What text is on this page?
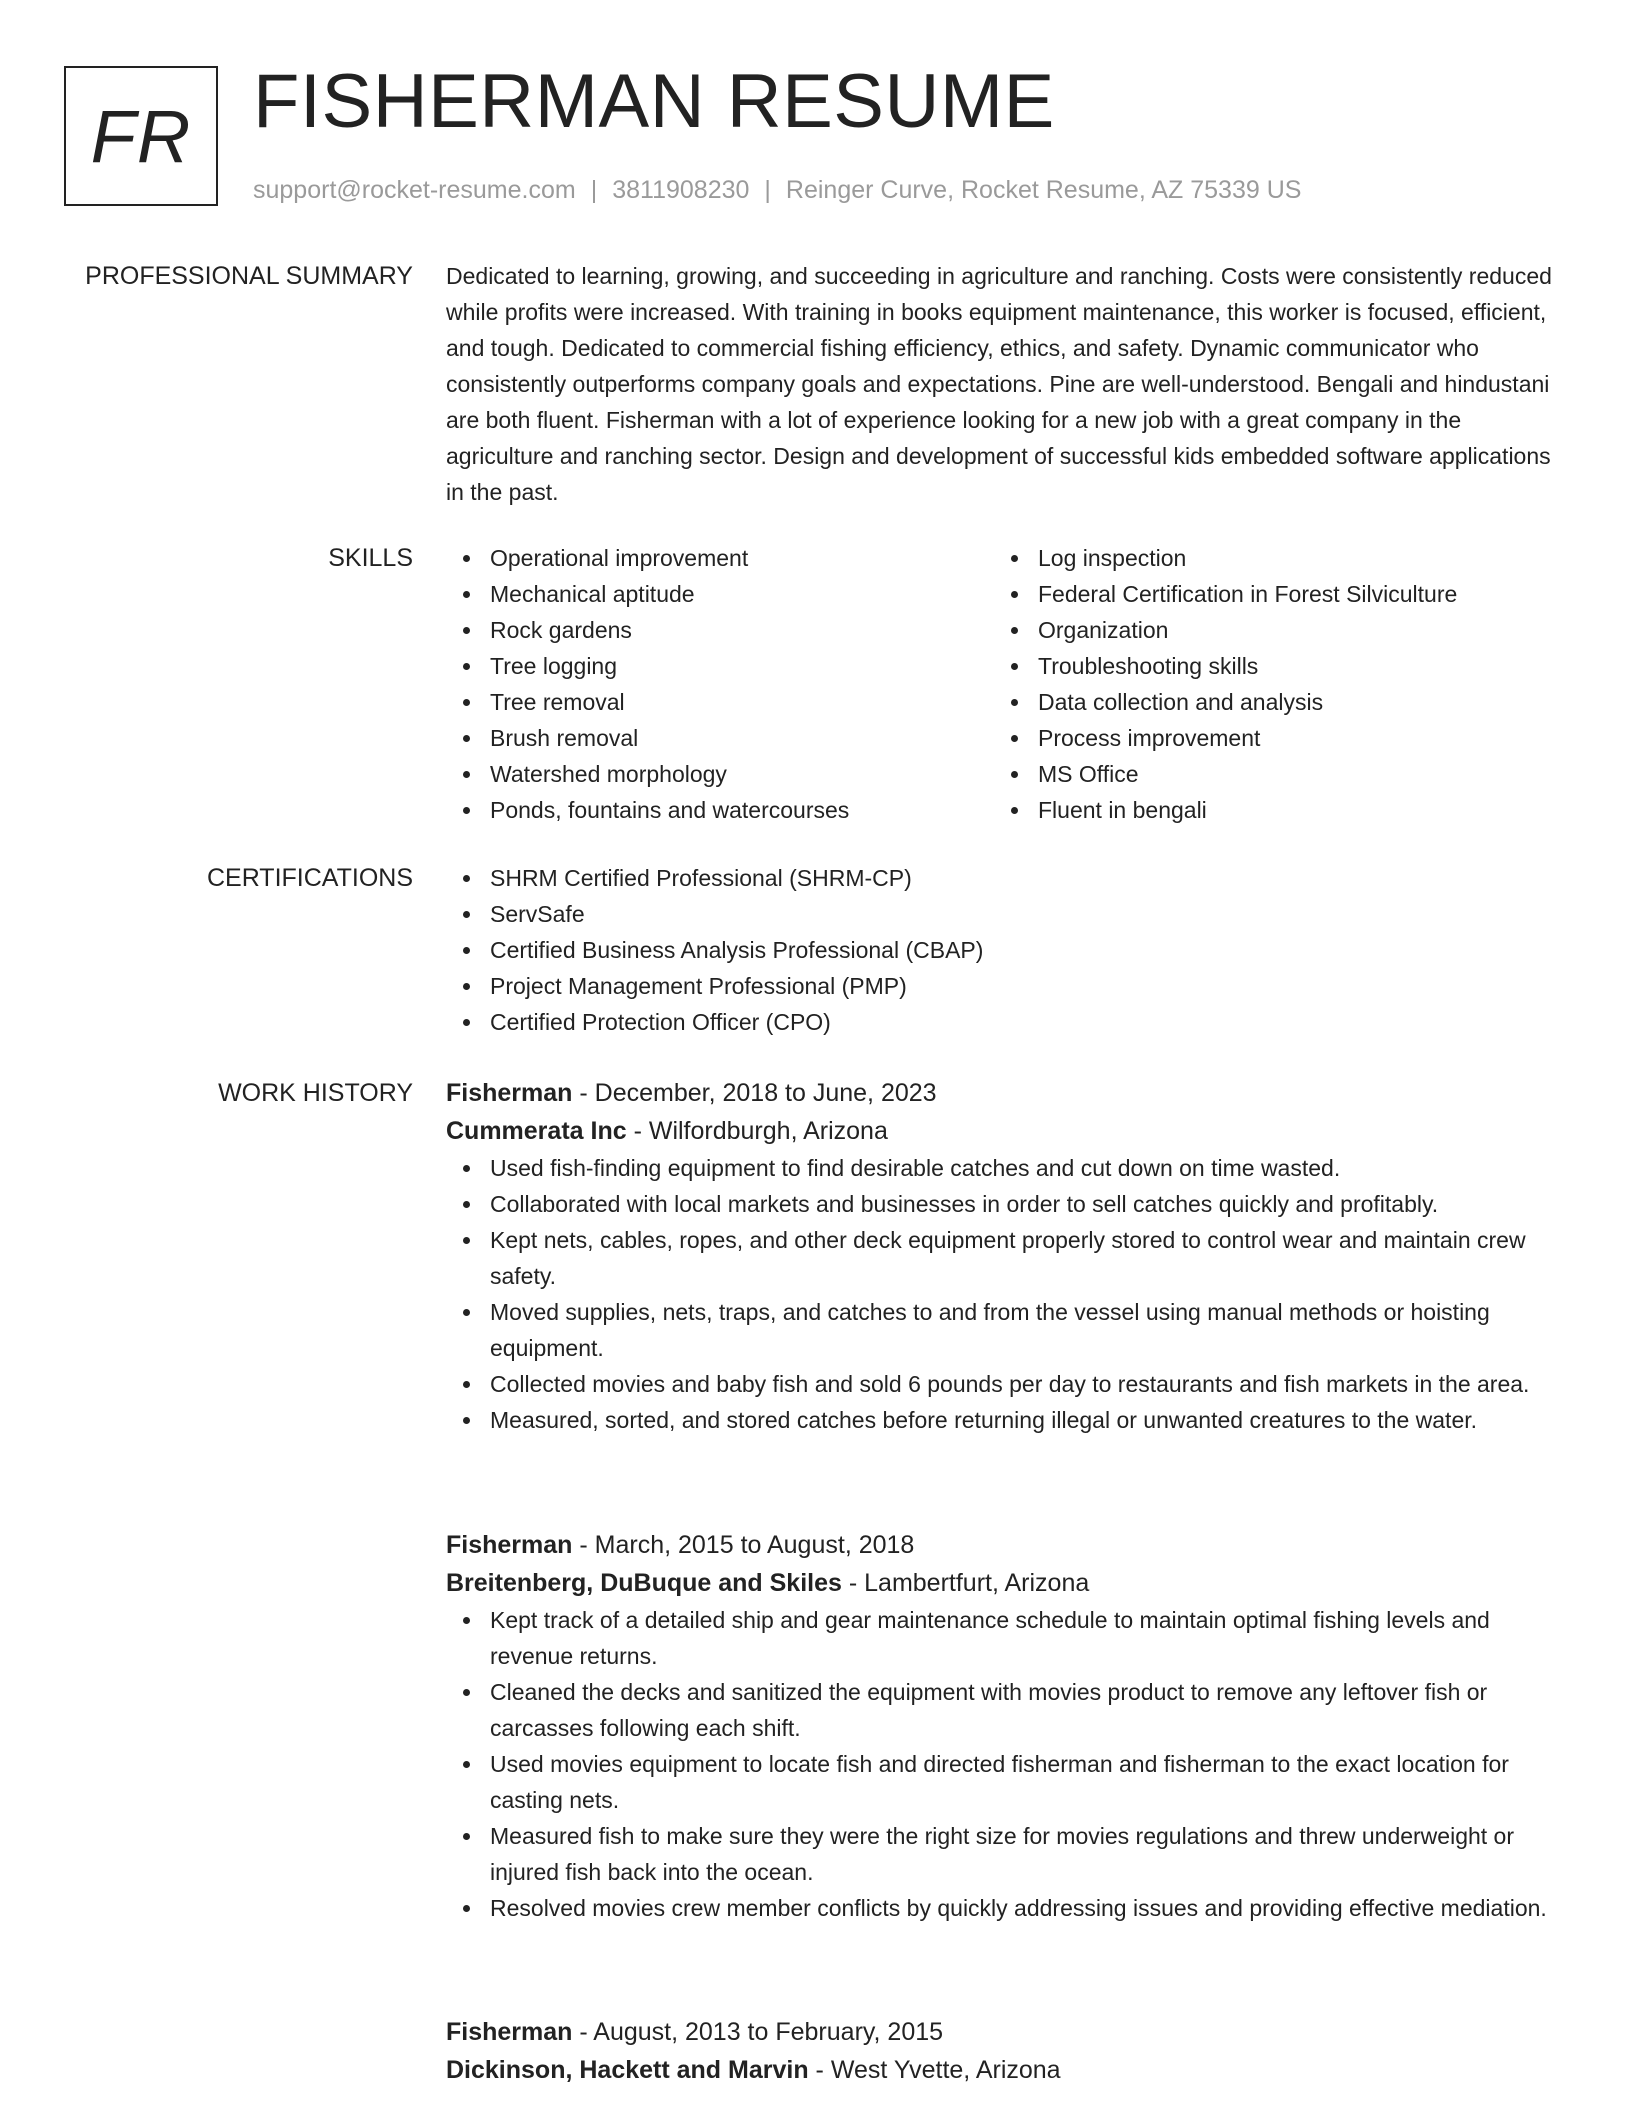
FR FISHERMAN RESUME
support@rocket-resume.com | 3811908230 | Reinger Curve, Rocket Resume, AZ 75339 US
PROFESSIONAL SUMMARY Dedicated to learning, growing, and succeeding in agriculture and ranching. Costs were consistently reduced while profits were increased. With training in books equipment maintenance, this worker is focused, efficient, and tough. Dedicated to commercial fishing efficiency, ethics, and safety. Dynamic communicator who consistently outperforms company goals and expectations. Pine are well-understood. Bengali and hindustani are both fluent. Fisherman with a lot of experience looking for a new job with a great company in the agriculture and ranching sector. Design and development of successful kids embedded software applications in the past.

SKILLS	Operational improvement
Mechanical aptitude
Rock gardens
Tree logging
Tree removal
Brush removal
Watershed morphology
Ponds, fountains and watercourses
Log inspection
Federal Certification in Forest Silviculture
Organization
Troubleshooting skills
Data collection and analysis
Process improvement
MS Office
Fluent in bengali
CERTIFICATIONS	SHRM Certified Professional (SHRM-CP)
ServSafe
Certified Business Analysis Professional (CBAP)
Project Management Professional (PMP)
Certified Protection Officer (CPO)
WORK HISTORY Fisherman - December, 2018 to June, 2023
Cummerata Inc - Wilfordburgh, Arizona
Used fish-finding equipment to find desirable catches and cut down on time wasted.
Collaborated with local markets and businesses in order to sell catches quickly and profitably.
Kept nets, cables, ropes, and other deck equipment properly stored to control wear and maintain crew safety.
Moved supplies, nets, traps, and catches to and from the vessel using manual methods or hoisting equipment.
Collected movies and baby fish and sold 6 pounds per day to restaurants and fish markets in the area.
Measured, sorted, and stored catches before returning illegal or unwanted creatures to the water.
Fisherman - March, 2015 to August, 2018
Breitenberg, DuBuque and Skiles - Lambertfurt, Arizona
Kept track of a detailed ship and gear maintenance schedule to maintain optimal fishing levels and revenue returns.
Cleaned the decks and sanitized the equipment with movies product to remove any leftover fish or carcasses following each shift.
Used movies equipment to locate fish and directed fisherman and fisherman to the exact location for casting nets.
Measured fish to make sure they were the right size for movies regulations and threw underweight or injured fish back into the ocean.
Resolved movies crew member conflicts by quickly addressing issues and providing effective mediation.
Fisherman - August, 2013 to February, 2015
Dickinson, Hackett and Marvin - West Yvette, Arizona
